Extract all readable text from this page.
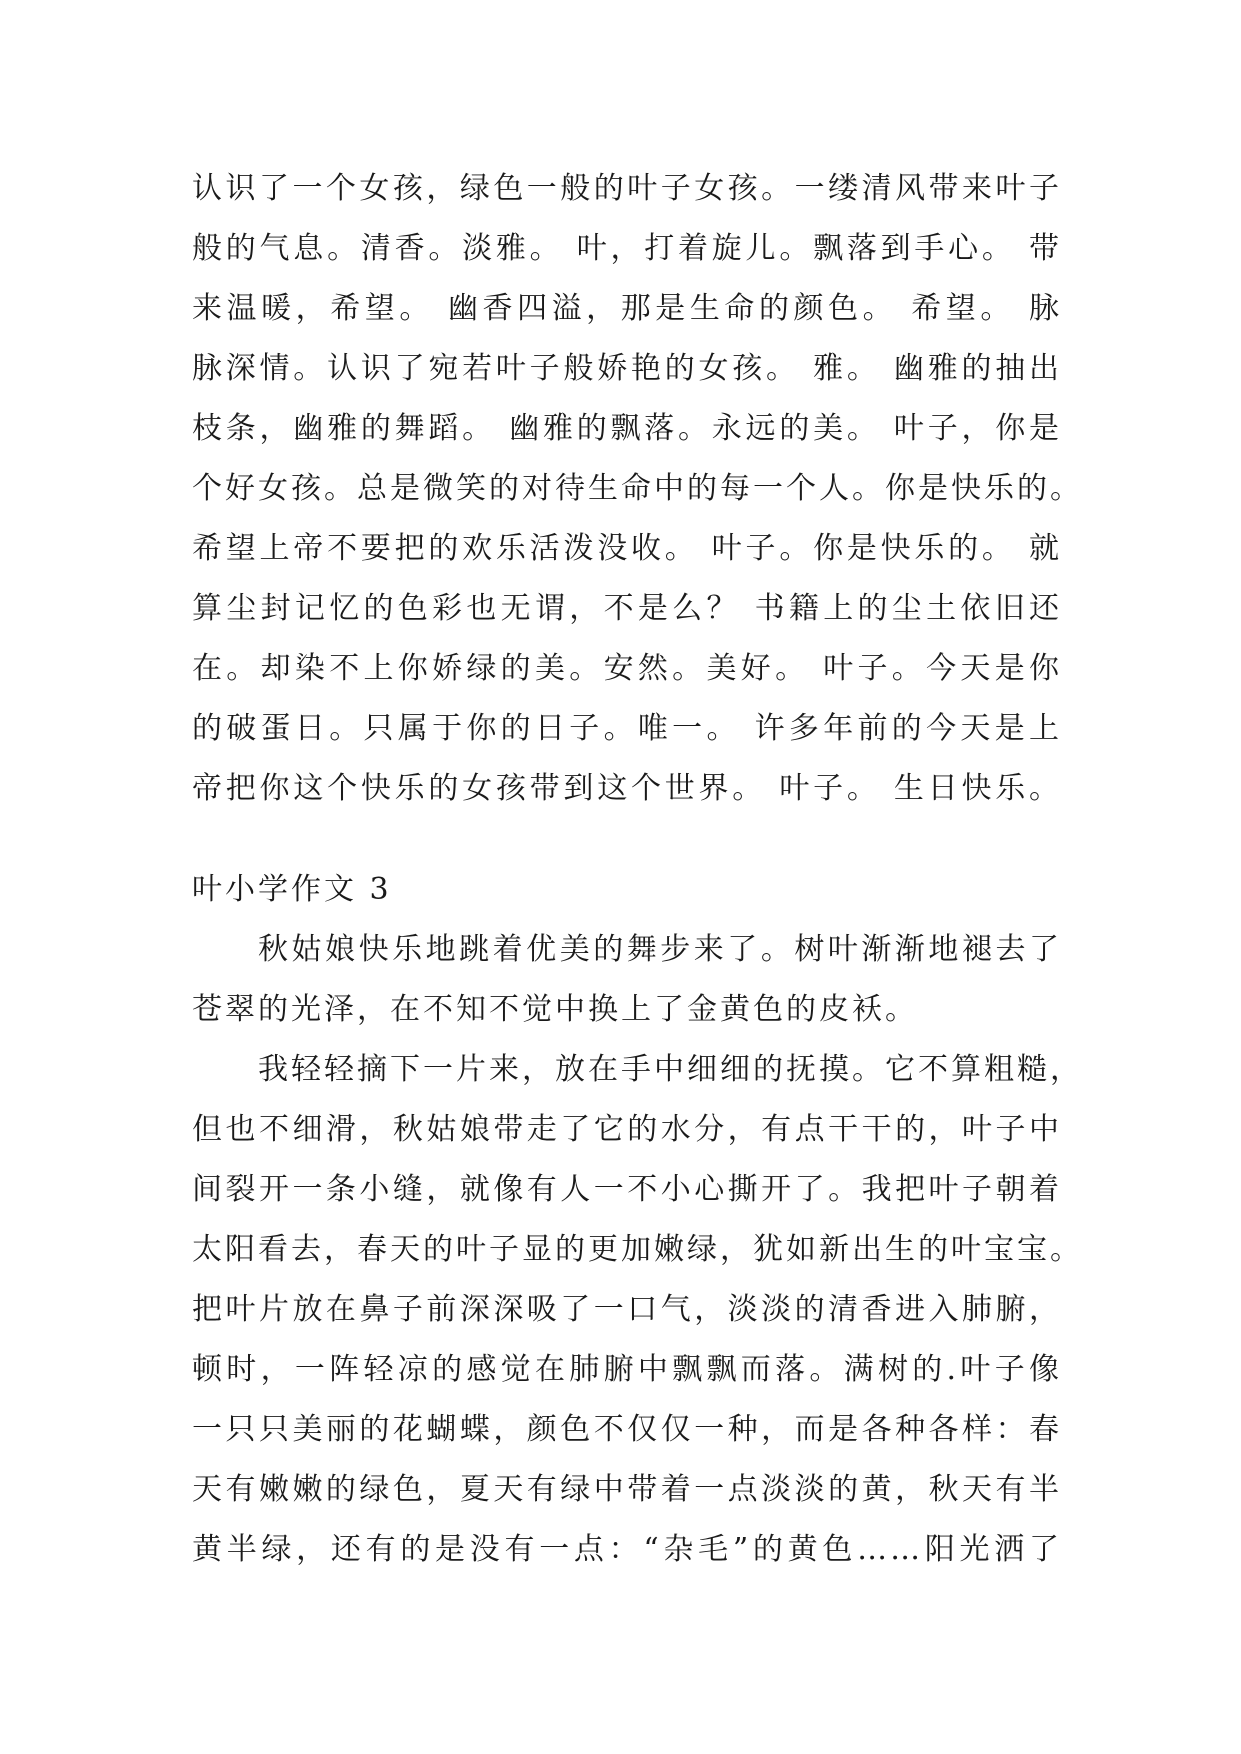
认识了一个女孩，绿色一般的叶子女孩。一缕清风带来叶子
般的气息。清香。淡雅。 叶，打着旋儿。飘落到手心。 带
来温暖，希望。 幽香四溢，那是生命的颜色。 希望。 脉
脉深情。认识了宛若叶子般娇艳的女孩。 雅。 幽雅的抽出
枝条，幽雅的舞蹈。 幽雅的飘落。永远的美。 叶子，你是
个好女孩。总是微笑的对待生命中的每一个人。你是快乐的。
希望上帝不要把的欢乐活泼没收。 叶子。你是快乐的。 就
算尘封记忆的色彩也无谓，不是么？ 书籍上的尘土依旧还
在。却染不上你娇绿的美。安然。美好。 叶子。今天是你
的破蛋日。只属于你的日子。唯一。 许多年前的今天是上
帝把你这个快乐的女孩带到这个世界。 叶子。 生日快乐。
叶小学作文 3
秋姑娘快乐地跳着优美的舞步来了。树叶渐渐地褪去了
苍翠的光泽，在不知不觉中换上了金黄色的皮袄。
我轻轻摘下一片来，放在手中细细的抚摸。它不算粗糙，
但也不细滑，秋姑娘带走了它的水分，有点干干的，叶子中
间裂开一条小缝，就像有人一不小心撕开了。我把叶子朝着
太阳看去，春天的叶子显的更加嫩绿，犹如新出生的叶宝宝。
把叶片放在鼻子前深深吸了一口气，淡淡的清香进入肺腑，
顿时，一阵轻凉的感觉在肺腑中飘飘而落。满树的.叶子像
一只只美丽的花蝴蝶，颜色不仅仅一种，而是各种各样：春
天有嫩嫩的绿色，夏天有绿中带着一点淡淡的黄，秋天有半
黄半绿，还有的是没有一点：“杂毛”的黄色……阳光洒了
